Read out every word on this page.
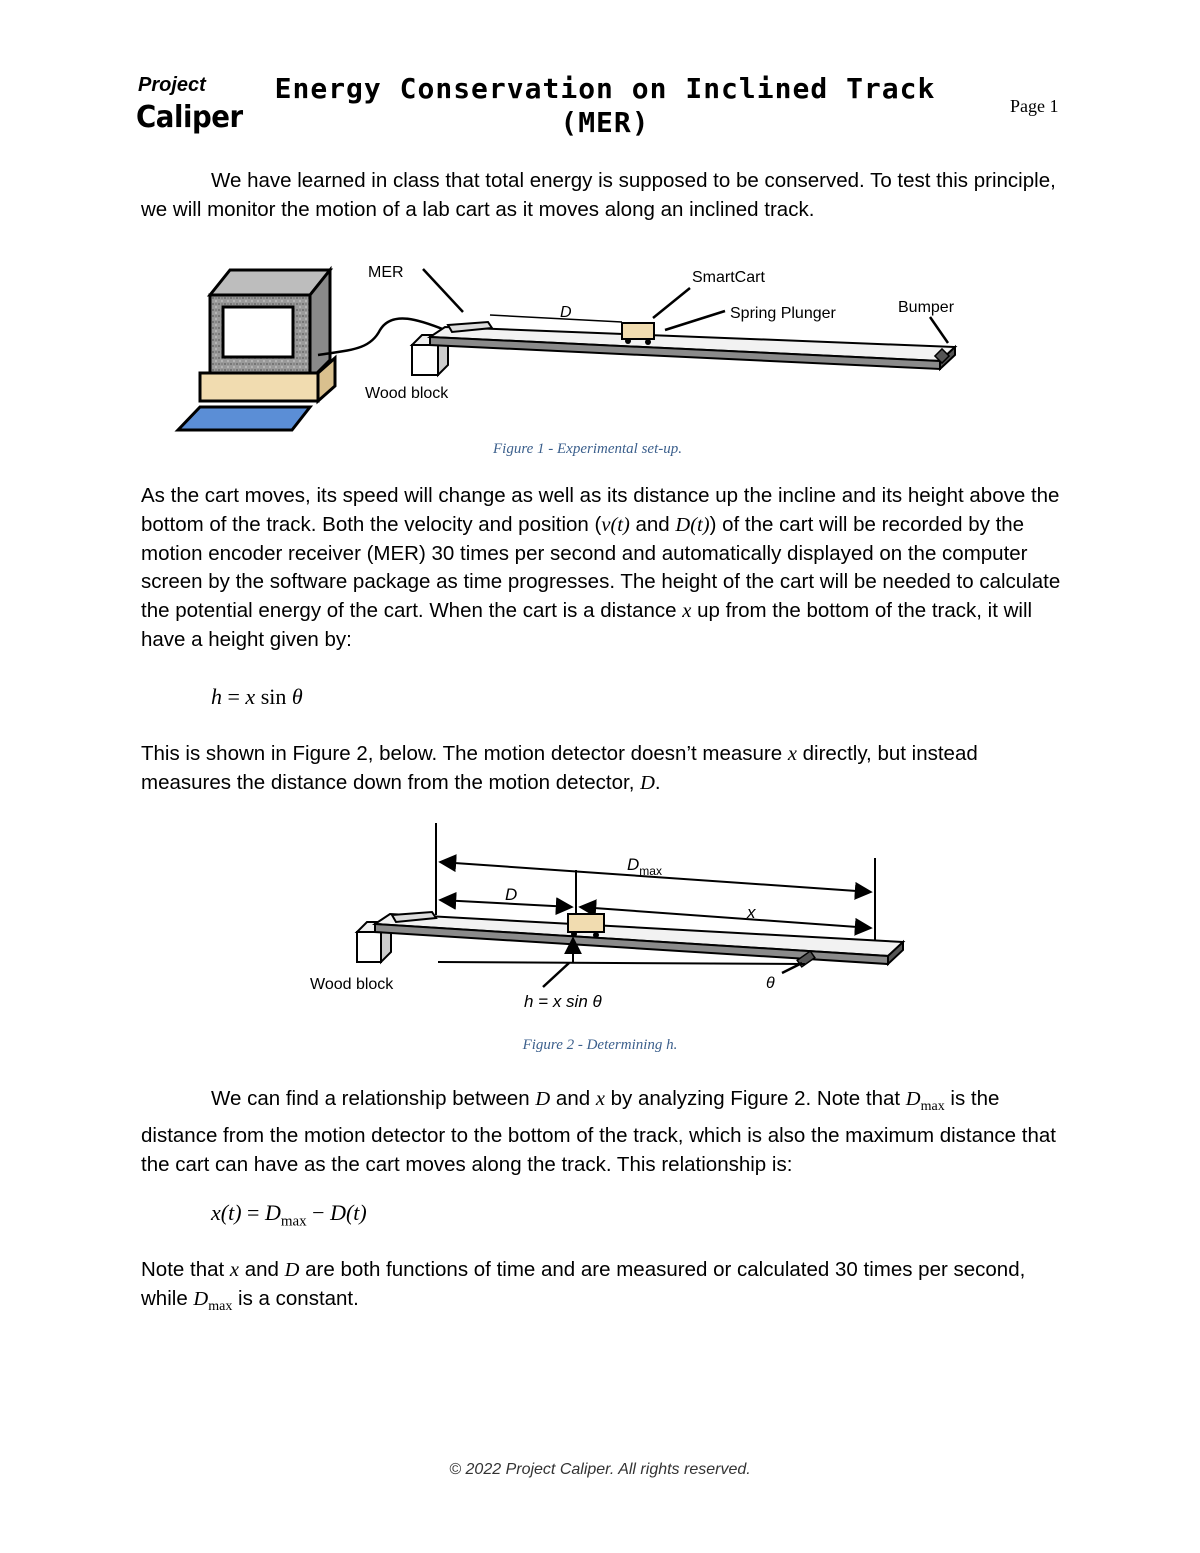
Project
Caliper
Energy Conservation on Inclined Track
(MER)	Page 1

We have learned in class that total energy is supposed to be conserved. To test this principle, we will monitor the motion of a lab cart as it moves along an inclined track.

MER	SmartCart
D	Spring Plunger	Bumper
Wood block
Figure 1 - Experimental set-up.

As the cart moves, its speed will change as well as its distance up the incline and its height above the bottom of the track. Both the velocity and position (v(t) and D(t)) of the cart will be recorded by the motion encoder receiver (MER) 30 times per second and automatically displayed on the computer screen by the software package as time progresses. The height of the cart will be needed to calculate the potential energy of the cart. When the cart is a distance x up from the bottom of the track, it will have a height given by:

h = x sin θ

This is shown in Figure 2, below. The motion detector doesn’t measure x directly, but instead measures the distance down from the motion detector, D.

$D_{max}$
D
x
Wood block	θ
h = x sin θ
Figure 2 - Determining h.

We can find a relationship between D and x by analyzing Figure 2. Note that $D_{max}$ is the distance from the motion detector to the bottom of the track, which is also the maximum distance that the cart can have as the cart moves along the track. This relationship is:

$x(t) = D_{max} - D(t)$

Note that x and D are both functions of time and are measured or calculated 30 times per second, while $D_{max}$ is a constant.

© 2022 Project Caliper. All rights reserved.
